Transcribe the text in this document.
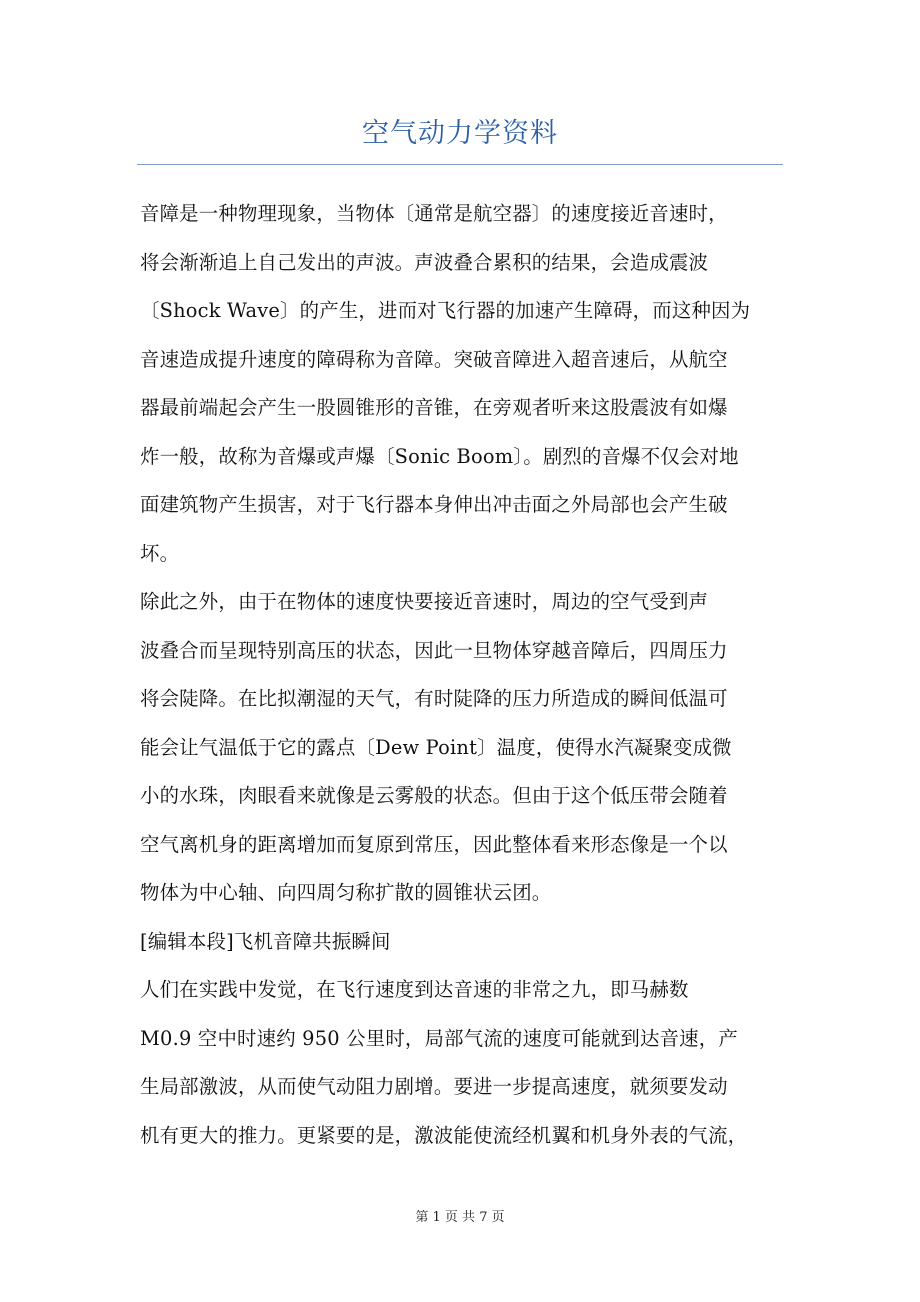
空气动力学资料

音障是一种物理现象，当物体〔通常是航空器〕的速度接近音速时，
将会渐渐追上自己发出的声波。声波叠合累积的结果，会造成震波
〔Shock Wave〕的产生，进而对飞行器的加速产生障碍，而这种因为
音速造成提升速度的障碍称为音障。突破音障进入超音速后，从航空
器最前端起会产生一股圆锥形的音锥，在旁观者听来这股震波有如爆
炸一般，故称为音爆或声爆〔Sonic Boom〕。剧烈的音爆不仅会对地
面建筑物产生损害，对于飞行器本身伸出冲击面之外局部也会产生破
坏。

除此之外，由于在物体的速度快要接近音速时，周边的空气受到声
波叠合而呈现特别高压的状态，因此一旦物体穿越音障后，四周压力
将会陡降。在比拟潮湿的天气，有时陡降的压力所造成的瞬间低温可
能会让气温低于它的露点〔Dew Point〕温度，使得水汽凝聚变成微
小的水珠，肉眼看来就像是云雾般的状态。但由于这个低压带会随着
空气离机身的距离增加而复原到常压，因此整体看来形态像是一个以
物体为中心轴、向四周匀称扩散的圆锥状云团。

[编辑本段]飞机音障共振瞬间

人们在实践中发觉，在飞行速度到达音速的非常之九，即马赫数
M0.9 空中时速约 950 公里时，局部气流的速度可能就到达音速，产
生局部激波，从而使气动阻力剧增。要进一步提高速度，就须要发动
机有更大的推力。更紧要的是，激波能使流经机翼和机身外表的气流，

第 1 页 共 7 页
